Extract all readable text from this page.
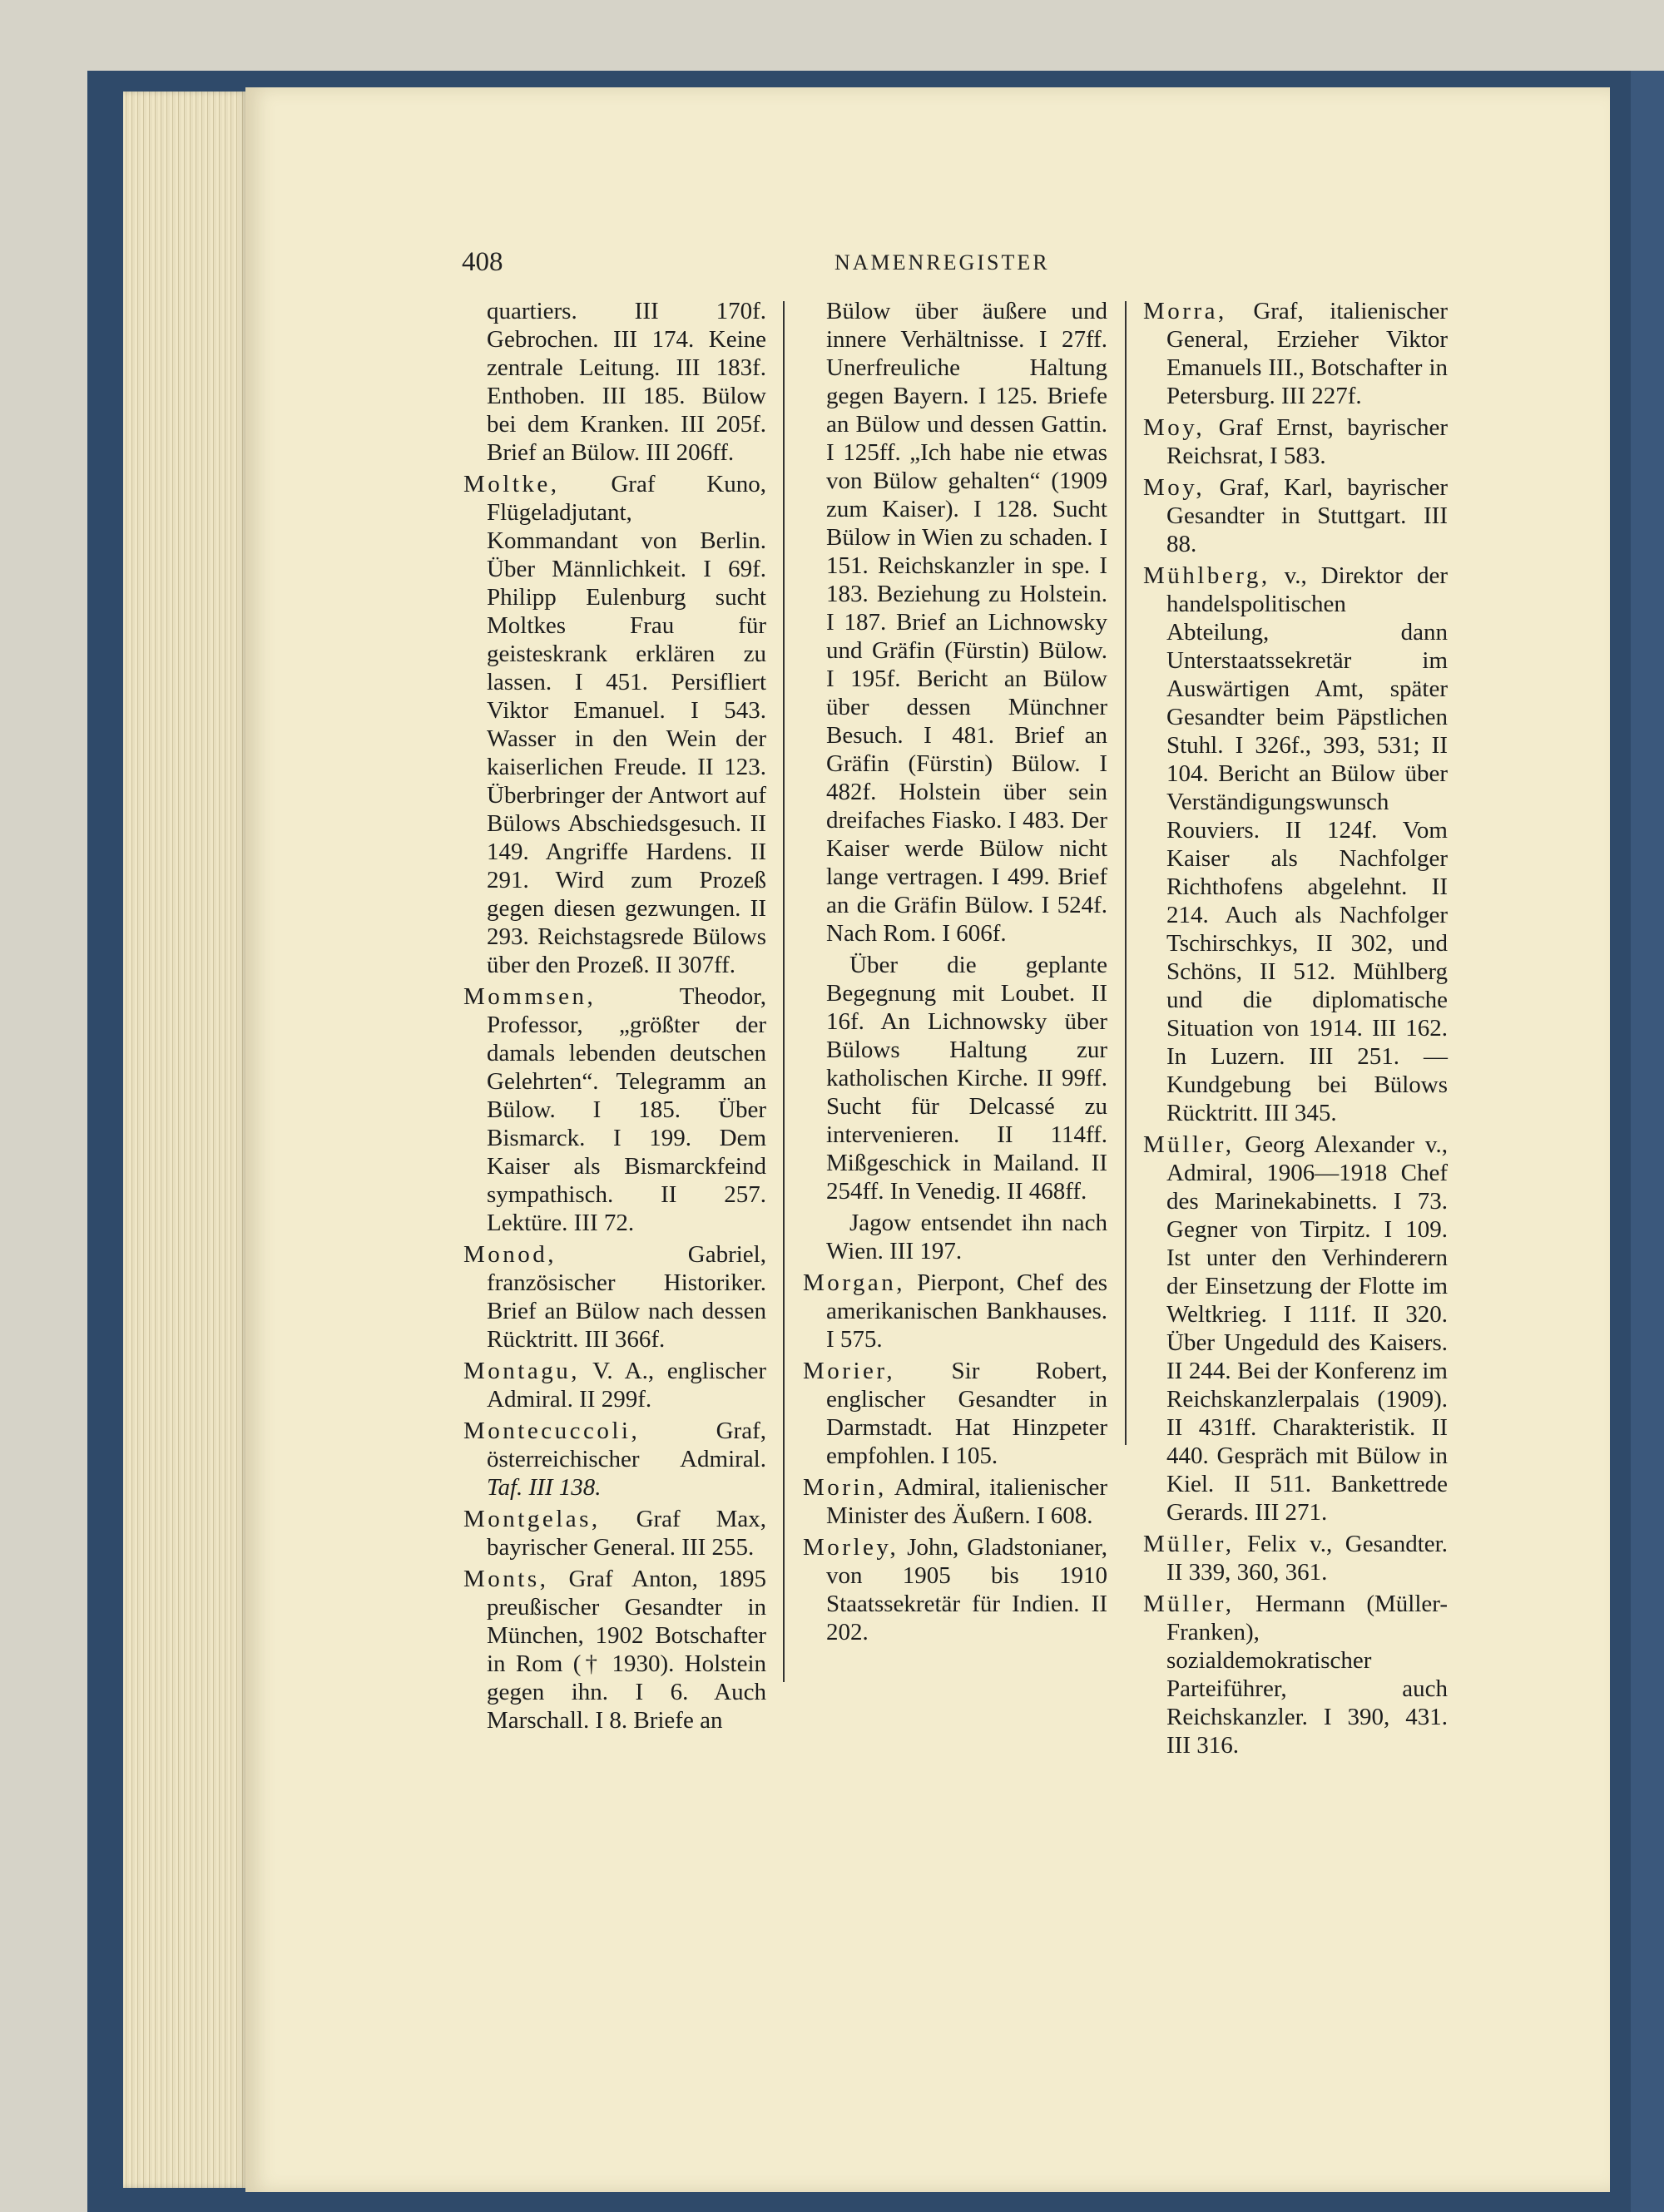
408	NAMENREGISTER
quartiers. III 170f. Gebrochen. III 174. Keine zentrale Leitung. III 183f. Enthoben. III 185. Bülow bei dem Kranken. III 205f. Brief an Bülow. III 206ff.
Moltke, Graf Kuno, Flügeladjutant, Kommandant von Berlin. Über Männlichkeit. I 69f. Philipp Eulenburg sucht Moltkes Frau für geisteskrank erklären zu lassen. I 451. Persifliert Viktor Emanuel. I 543. Wasser in den Wein der kaiserlichen Freude. II 123. Überbringer der Antwort auf Bülows Abschiedsgesuch. II 149. Angriffe Hardens. II 291. Wird zum Prozeß gegen diesen gezwungen. II 293. Reichstagsrede Bülows über den Prozeß. II 307ff.
Mommsen, Theodor, Professor, „größter der damals lebenden deutschen Gelehrten“. Telegramm an Bülow. I 185. Über Bismarck. I 199. Dem Kaiser als Bismarckfeind sympathisch. II 257. Lektüre. III 72.
Monod, Gabriel, französischer Historiker. Brief an Bülow nach dessen Rücktritt. III 366f.
Montagu, V. A., englischer Admiral. II 299f.
Montecuccoli, Graf, österreichischer Admiral. Taf. III 138.
Montgelas, Graf Max, bayrischer General. III 255.
Monts, Graf Anton, 1895 preußischer Gesandter in München, 1902 Botschafter in Rom († 1930). Holstein gegen ihn. I 6. Auch Marschall. I 8. Briefe an
Bülow über äußere und innere Verhältnisse. I 27ff. Unerfreuliche Haltung gegen Bayern. I 125. Briefe an Bülow und dessen Gattin. I 125ff. „Ich habe nie etwas von Bülow gehalten“ (1909 zum Kaiser). I 128. Sucht Bülow in Wien zu schaden. I 151. Reichskanzler in spe. I 183. Beziehung zu Holstein. I 187. Brief an Lichnowsky und Gräfin (Fürstin) Bülow. I 195f. Bericht an Bülow über dessen Münchner Besuch. I 481. Brief an Gräfin (Fürstin) Bülow. I 482f. Holstein über sein dreifaches Fiasko. I 483. Der Kaiser werde Bülow nicht lange vertragen. I 499. Brief an die Gräfin Bülow. I 524f. Nach Rom. I 606f.
Über die geplante Begegnung mit Loubet. II 16f. An Lichnowsky über Bülows Haltung zur katholischen Kirche. II 99ff. Sucht für Delcassé zu intervenieren. II 114ff. Mißgeschick in Mailand. II 254ff. In Venedig. II 468ff.
Jagow entsendet ihn nach Wien. III 197.
Morgan, Pierpont, Chef des amerikanischen Bankhauses. I 575.
Morier, Sir Robert, englischer Gesandter in Darmstadt. Hat Hinzpeter empfohlen. I 105.
Morin, Admiral, italienischer Minister des Äußern. I 608.
Morley, John, Gladstonianer, von 1905 bis 1910 Staatssekretär für Indien. II 202.
Morra, Graf, italienischer General, Erzieher Viktor Emanuels III., Botschafter in Petersburg. III 227f.
Moy, Graf Ernst, bayrischer Reichsrat, I 583.
Moy, Graf, Karl, bayrischer Gesandter in Stuttgart. III 88.
Mühlberg, v., Direktor der handelspolitischen Abteilung, dann Unterstaatssekretär im Auswärtigen Amt, später Gesandter beim Päpstlichen Stuhl. I 326f., 393, 531; II 104. Bericht an Bülow über Verständigungswunsch Rouviers. II 124f. Vom Kaiser als Nachfolger Richthofens abgelehnt. II 214. Auch als Nachfolger Tschirschkys, II 302, und Schöns, II 512. Mühlberg und die diplomatische Situation von 1914. III 162. In Luzern. III 251. — Kundgebung bei Bülows Rücktritt. III 345.
Müller, Georg Alexander v., Admiral, 1906—1918 Chef des Marinekabinetts. I 73. Gegner von Tirpitz. I 109. Ist unter den Verhinderern der Einsetzung der Flotte im Weltkrieg. I 111f. II 320. Über Ungeduld des Kaisers. II 244. Bei der Konferenz im Reichskanzlerpalais (1909). II 431ff. Charakteristik. II 440. Gespräch mit Bülow in Kiel. II 511. Bankettrede Gerards. III 271.
Müller, Felix v., Gesandter. II 339, 360, 361.
Müller, Hermann (Müller-Franken), sozialdemokratischer Parteiführer, auch Reichskanzler. I 390, 431. III 316.
